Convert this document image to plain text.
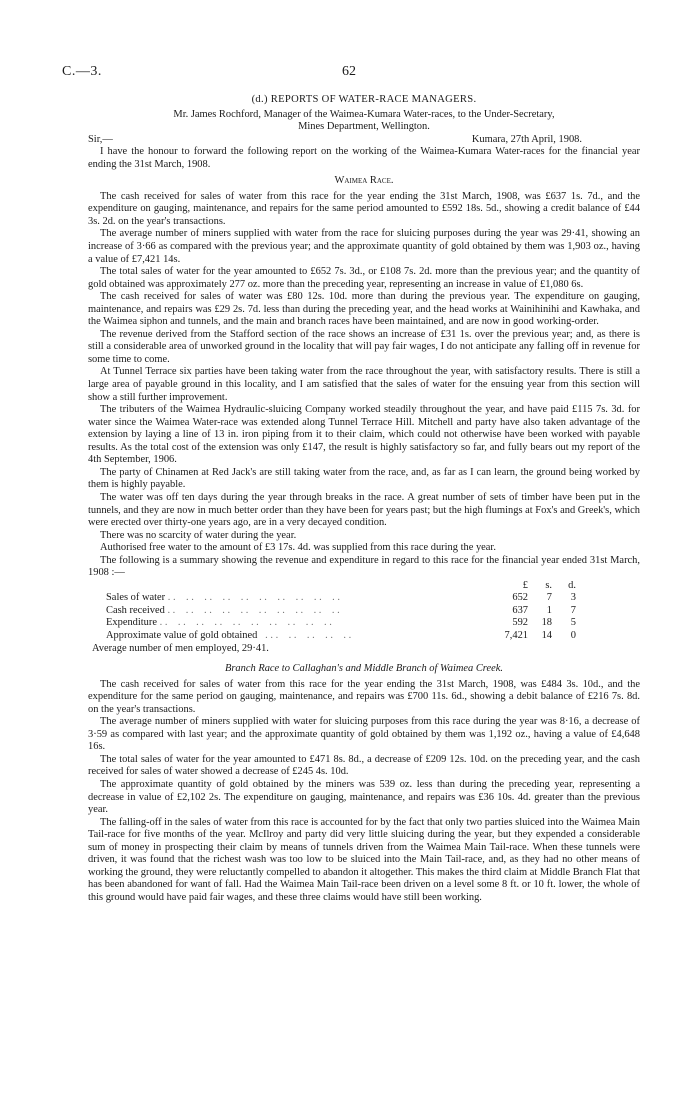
C.—3.	62
(d.) REPORTS OF WATER-RACE MANAGERS.
Mr. James Rochford, Manager of the Waimea-Kumara Water-races, to the Under-Secretary,
Mines Department, Wellington.
Sir,—	Kumara, 27th April, 1908.

I have the honour to forward the following report on the working of the Waimea-Kumara Water-races for the financial year ending the 31st March, 1908.

Waimea Race.

The cash received for sales of water from this race for the year ending the 31st March, 1908, was £637 1s. 7d., and the expenditure on gauging, maintenance, and repairs for the same period amounted to £592 18s. 5d., showing a credit balance of £44 3s. 2d. on the year's transactions.

The average number of miners supplied with water from the race for sluicing purposes during the year was 29·41, showing an increase of 3·66 as compared with the previous year; and the approximate quantity of gold obtained by them was 1,903 oz., having a value of £7,421 14s.

The total sales of water for the year amounted to £652 7s. 3d., or £108 7s. 2d. more than the previous year; and the quantity of gold obtained was approximately 277 oz. more than the preceding year, representing an increase in value of £1,080 6s.

The cash received for sales of water was £80 12s. 10d. more than during the previous year. The expenditure on gauging, maintenance, and repairs was £29 2s. 7d. less than during the preceding year, and the head works at Wainihinihi and Kawhaka, and the Waimea siphon and tunnels, and the main and branch races have been maintained, and are now in good working-order.

The revenue derived from the Stafford section of the race shows an increase of £31 1s. over the previous year; and, as there is still a considerable area of unworked ground in the locality that will pay fair wages, I do not anticipate any falling off in revenue for some time to come.

At Tunnel Terrace six parties have been taking water from the race throughout the year, with satisfactory results. There is still a large area of payable ground in this locality, and I am satisfied that the sales of water for the ensuing year from this section will show a still further improvement.

The tributers of the Waimea Hydraulic-sluicing Company worked steadily throughout the year, and have paid £115 7s. 3d. for water since the Waimea Water-race was extended along Tunnel Terrace Hill. Mitchell and party have also taken advantage of the extension by laying a line of 13 in. iron piping from it to their claim, which could not otherwise have been worked with payable results. As the total cost of the extension was only £147, the result is highly satisfactory so far, and fully bears out my report of the 4th September, 1906.

The party of Chinamen at Red Jack's are still taking water from the race, and, as far as I can learn, the ground being worked by them is highly payable.

The water was off ten days during the year through breaks in the race. A great number of sets of timber have been put in the tunnels, and they are now in much better order than they have been for years past; but the high flumings at Fox's and Greek's, which were erected over thirty-one years ago, are in a very decayed condition.

There was no scarcity of water during the year.

Authorised free water to the amount of £3 17s. 4d. was supplied from this race during the year.

The following is a summary showing the revenue and expenditure in regard to this race for the financial year ended 31st March, 1908 :—

£	s.	d.
Sales of water . .    . .    . .    . .    . .    . .    . .    . .    . .    . .	652	7	3
Cash received . .    . .    . .    . .    . .    . .    . .    . .    . .    . .	637	1	7
Expenditure . .    . .    . .    . .    . .    . .    . .    . .    . .    . .	592	18	5
Approximate value of gold obtained   . . .    . .    . .    . .    . .	7,421	14	0
Average number of men employed, 29·41.
Branch Race to Callaghan's and Middle Branch of Waimea Creek.

The cash received for sales of water from this race for the year ending the 31st March, 1908, was £484 3s. 10d., and the expenditure for the same period on gauging, maintenance, and repairs was £700 11s. 6d., showing a debit balance of £216 7s. 8d. on the year's transactions.

The average number of miners supplied with water for sluicing purposes from this race during the year was 8·16, a decrease of 3·59 as compared with last year; and the approximate quantity of gold obtained by them was 1,192 oz., having a value of £4,648 16s.

The total sales of water for the year amounted to £471 8s. 8d., a decrease of £209 12s. 10d. on the preceding year, and the cash received for sales of water showed a decrease of £245 4s. 10d.

The approximate quantity of gold obtained by the miners was 539 oz. less than during the preceding year, representing a decrease in value of £2,102 2s. The expenditure on gauging, maintenance, and repairs was £36 10s. 4d. greater than the previous year.

The falling-off in the sales of water from this race is accounted for by the fact that only two parties sluiced into the Waimea Main Tail-race for five months of the year. McIlroy and party did very little sluicing during the year, but they expended a considerable sum of money in prospecting their claim by means of tunnels driven from the Waimea Main Tail-race. When these tunnels were driven, it was found that the richest wash was too low to be sluiced into the Main Tail-race, and, as they had no other means of working the ground, they were reluctantly compelled to abandon it altogether. This makes the third claim at Middle Branch Flat that has been abandoned for want of fall. Had the Waimea Main Tail-race been driven on a level some 8 ft. or 10 ft. lower, the whole of this ground would have paid fair wages, and these three claims would have still been working.
